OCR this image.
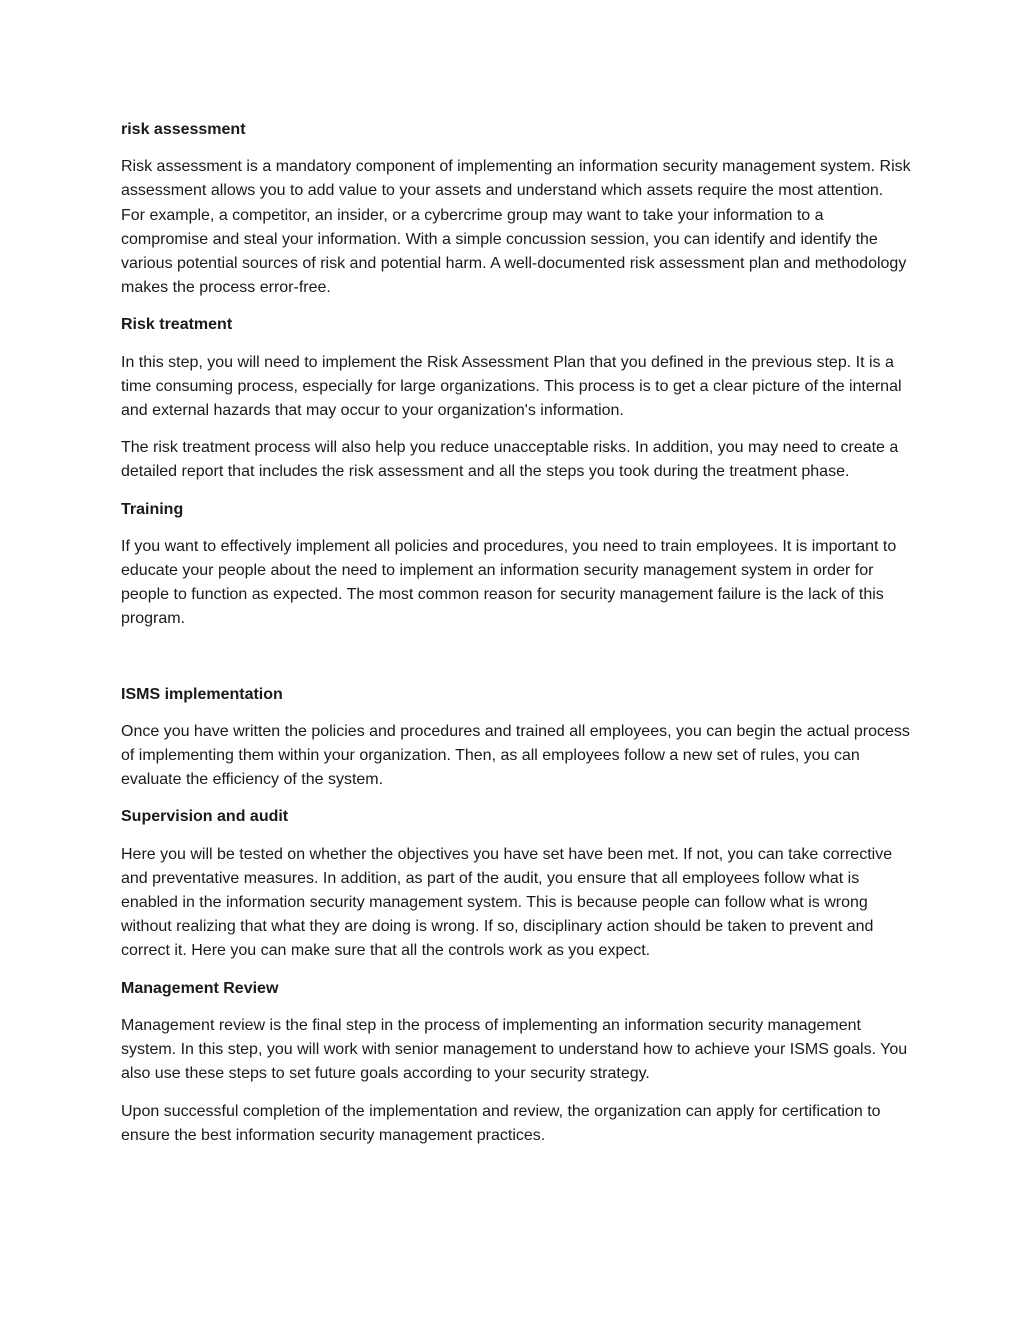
risk assessment
Risk assessment is a mandatory component of implementing an information security management system. Risk assessment allows you to add value to your assets and understand which assets require the most attention. For example, a competitor, an insider, or a cybercrime group may want to take your information to a compromise and steal your information. With a simple concussion session, you can identify and identify the various potential sources of risk and potential harm. A well-documented risk assessment plan and methodology makes the process error-free.
Risk treatment
In this step, you will need to implement the Risk Assessment Plan that you defined in the previous step. It is a time consuming process, especially for large organizations. This process is to get a clear picture of the internal and external hazards that may occur to your organization's information.
The risk treatment process will also help you reduce unacceptable risks. In addition, you may need to create a detailed report that includes the risk assessment and all the steps you took during the treatment phase.
Training
If you want to effectively implement all policies and procedures, you need to train employees. It is important to educate your people about the need to implement an information security management system in order for people to function as expected. The most common reason for security management failure is the lack of this program.
ISMS implementation
Once you have written the policies and procedures and trained all employees, you can begin the actual process of implementing them within your organization. Then, as all employees follow a new set of rules, you can evaluate the efficiency of the system.
Supervision and audit
Here you will be tested on whether the objectives you have set have been met. If not, you can take corrective and preventative measures. In addition, as part of the audit, you ensure that all employees follow what is enabled in the information security management system. This is because people can follow what is wrong without realizing that what they are doing is wrong. If so, disciplinary action should be taken to prevent and correct it. Here you can make sure that all the controls work as you expect.
Management Review
Management review is the final step in the process of implementing an information security management system. In this step, you will work with senior management to understand how to achieve your ISMS goals. You also use these steps to set future goals according to your security strategy.
Upon successful completion of the implementation and review, the organization can apply for certification to ensure the best information security management practices.
